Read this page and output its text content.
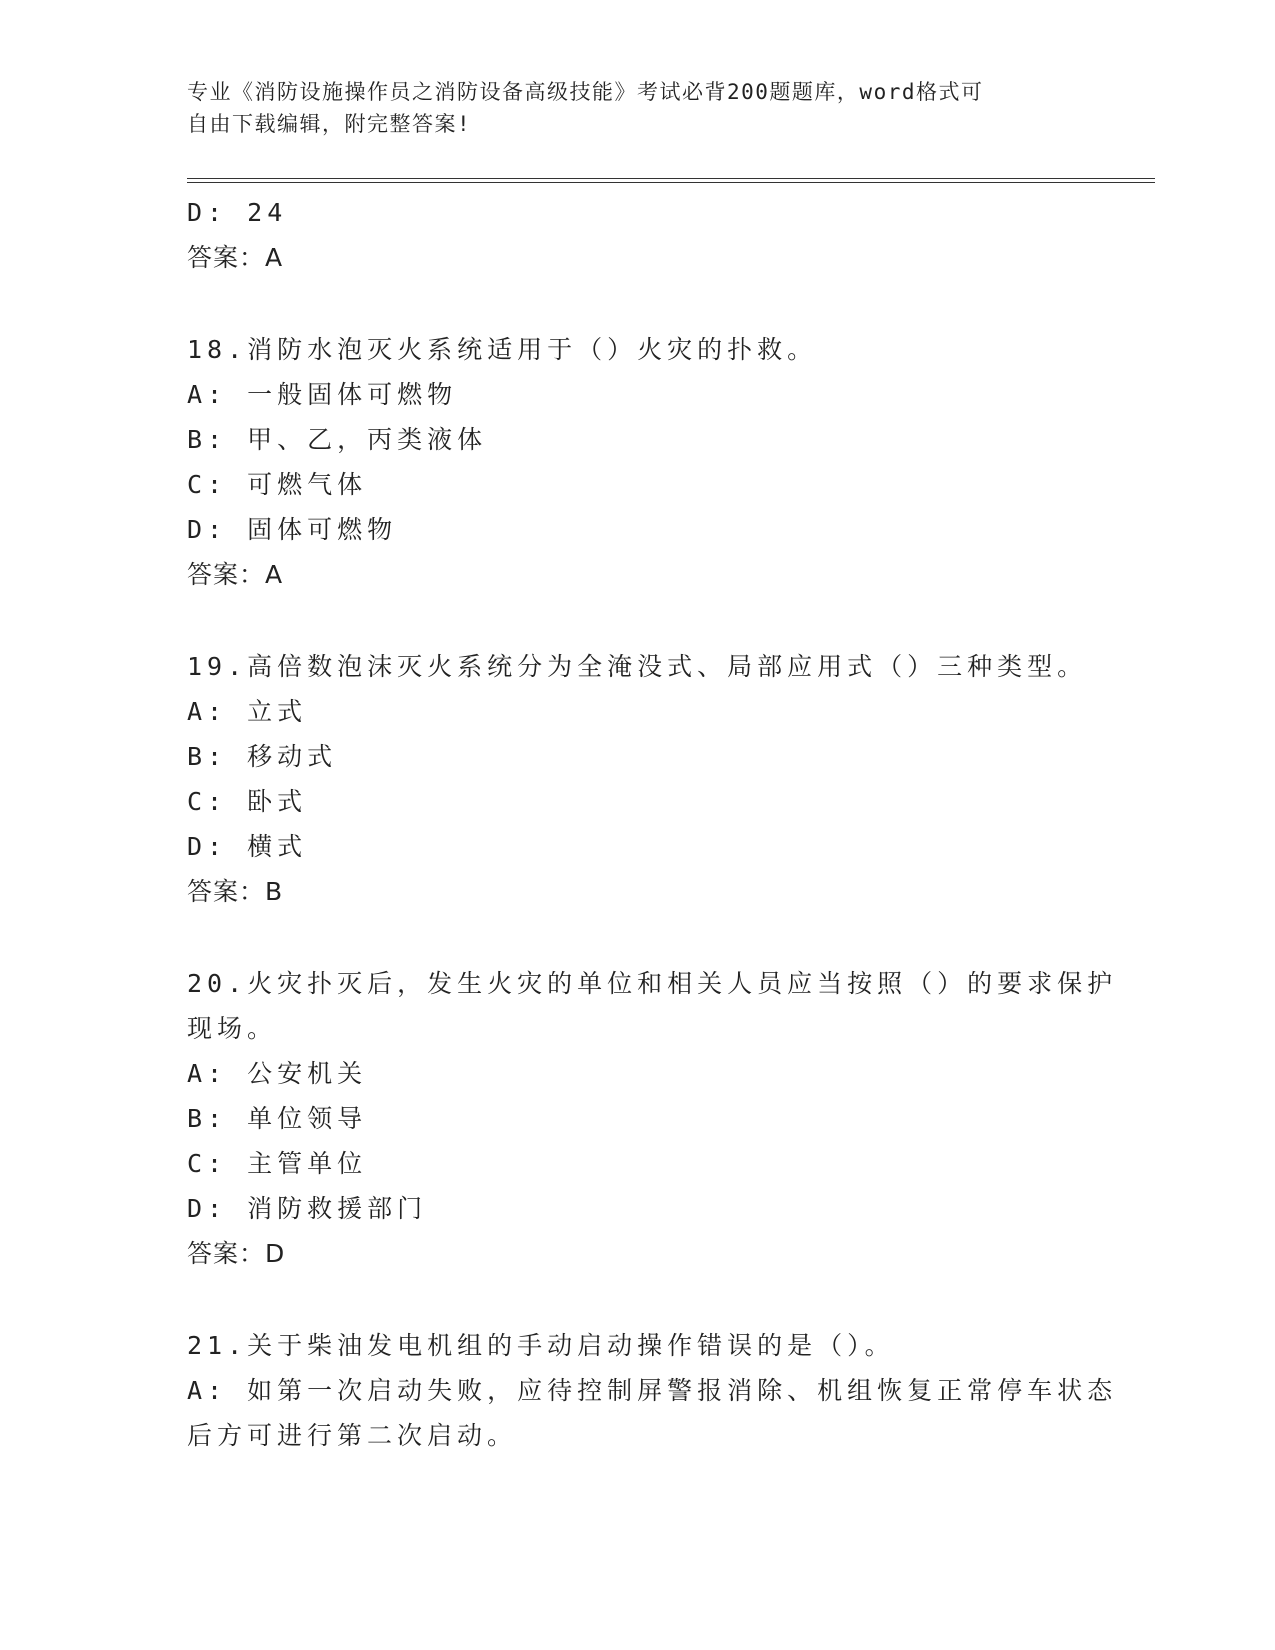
专业《消防设施操作员之消防设备高级技能》考试必背200题题库，word格式可
自由下载编辑，附完整答案!
D: 24
答案：A
18.消防水泡灭火系统适用于（）火灾的扑救。
A: 一般固体可燃物
B: 甲、乙，丙类液体
C: 可燃气体
D: 固体可燃物
答案：A
19.高倍数泡沫灭火系统分为全淹没式、局部应用式（）三种类型。
A: 立式
B: 移动式
C: 卧式
D: 横式
答案：B
20.火灾扑灭后，发生火灾的单位和相关人员应当按照（）的要求保护
现场。
A: 公安机关
B: 单位领导
C: 主管单位
D: 消防救援部门
答案：D
21.关于柴油发电机组的手动启动操作错误的是（）。
A: 如第一次启动失败，应待控制屏警报消除、机组恢复正常停车状态
后方可进行第二次启动。
